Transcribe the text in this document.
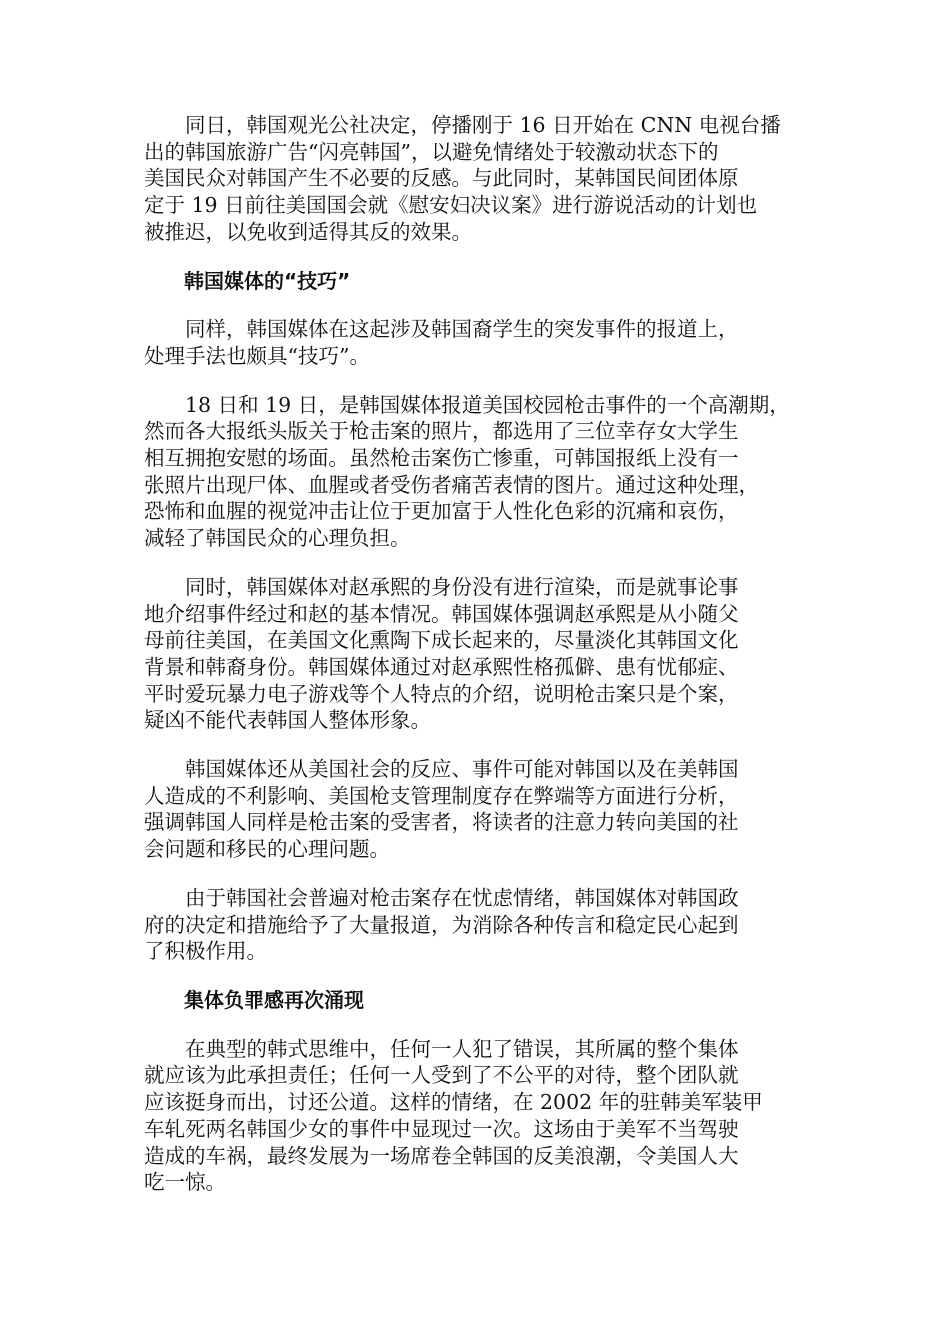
同日，韩国观光公社决定，停播刚于 16 日开始在 CNN 电视台播
出的韩国旅游广告“闪亮韩国”，以避免情绪处于较激动状态下的
美国民众对韩国产生不必要的反感。与此同时，某韩国民间团体原
定于 19 日前往美国国会就《慰安妇决议案》进行游说活动的计划也
被推迟，以免收到适得其反的效果。

韩国媒体的“技巧”

同样，韩国媒体在这起涉及韩国裔学生的突发事件的报道上，
处理手法也颇具“技巧”。

18 日和 19 日，是韩国媒体报道美国校园枪击事件的一个高潮期，
然而各大报纸头版关于枪击案的照片，都选用了三位幸存女大学生
相互拥抱安慰的场面。虽然枪击案伤亡惨重，可韩国报纸上没有一
张照片出现尸体、血腥或者受伤者痛苦表情的图片。通过这种处理，
恐怖和血腥的视觉冲击让位于更加富于人性化色彩的沉痛和哀伤，
减轻了韩国民众的心理负担。

同时，韩国媒体对赵承熙的身份没有进行渲染，而是就事论事
地介绍事件经过和赵的基本情况。韩国媒体强调赵承熙是从小随父
母前往美国，在美国文化熏陶下成长起来的，尽量淡化其韩国文化
背景和韩裔身份。韩国媒体通过对赵承熙性格孤僻、患有忧郁症、
平时爱玩暴力电子游戏等个人特点的介绍，说明枪击案只是个案，
疑凶不能代表韩国人整体形象。

韩国媒体还从美国社会的反应、事件可能对韩国以及在美韩国
人造成的不利影响、美国枪支管理制度存在弊端等方面进行分析，
强调韩国人同样是枪击案的受害者，将读者的注意力转向美国的社
会问题和移民的心理问题。

由于韩国社会普遍对枪击案存在忧虑情绪，韩国媒体对韩国政
府的决定和措施给予了大量报道，为消除各种传言和稳定民心起到
了积极作用。

集体负罪感再次涌现

在典型的韩式思维中，任何一人犯了错误，其所属的整个集体
就应该为此承担责任；任何一人受到了不公平的对待，整个团队就
应该挺身而出，讨还公道。这样的情绪，在 2002 年的驻韩美军装甲
车轧死两名韩国少女的事件中显现过一次。这场由于美军不当驾驶
造成的车祸，最终发展为一场席卷全韩国的反美浪潮，令美国人大
吃一惊。
